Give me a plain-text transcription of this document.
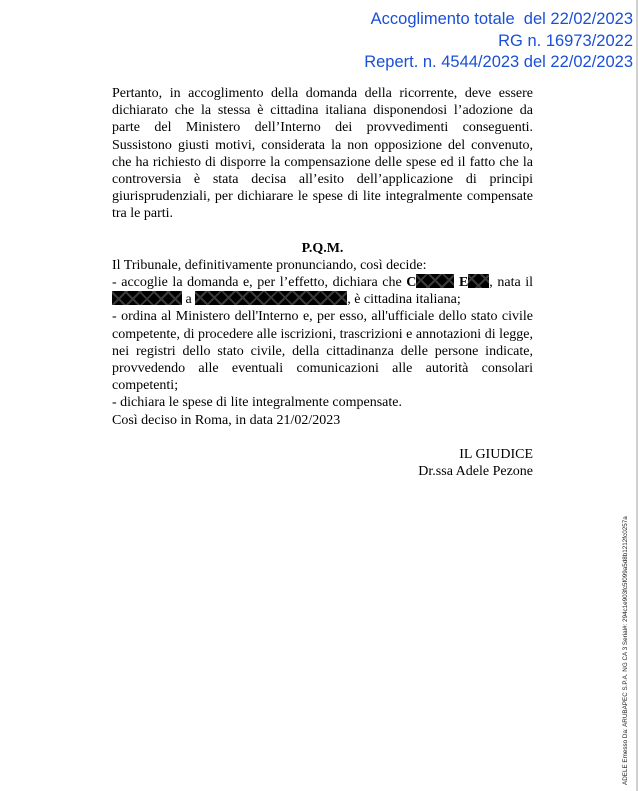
Accoglimento totale  del 22/02/2023
RG n. 16973/2022
Repert. n. 4544/2023 del 22/02/2023

Pertanto, in accoglimento della domanda della ricorrente, deve essere dichiarato che la stessa è cittadina italiana disponendosi l’adozione da parte del Ministero dell’Interno dei provvedimenti conseguenti.

Sussistono giusti motivi, considerata la non opposizione del convenuto, che ha richiesto di disporre la compensazione delle spese ed il fatto che la controversia è stata decisa all’esito dell’applicazione di principi giurisprudenziali, per dichiarare le spese di lite integralmente compensate tra le parti.

P.Q.M.

Il Tribunale, definitivamente pronunciando, così decide:

- accoglie la domanda e, per l’effetto, dichiara che C	E , nata il  a	, è cittadina italiana;

- ordina al Ministero dell'Interno e, per esso, all'ufficiale dello stato civile competente, di procedere alle iscrizioni, trascrizioni e annotazioni di legge, nei registri dello stato civile, della cittadinanza delle persone indicate, provvedendo alle eventuali comunicazioni alle autorità consolari competenti;

- dichiara le spese di lite integralmente compensate.

Così deciso in Roma, in data 21/02/2023

IL GIUDICE
Dr.ssa Adele Pezone
ADELE Emesso Da: ARUBAPEC S.P.A. NG CA 3 Serial#: 294c1e903fc5f099a5d8b1212fc0257a
